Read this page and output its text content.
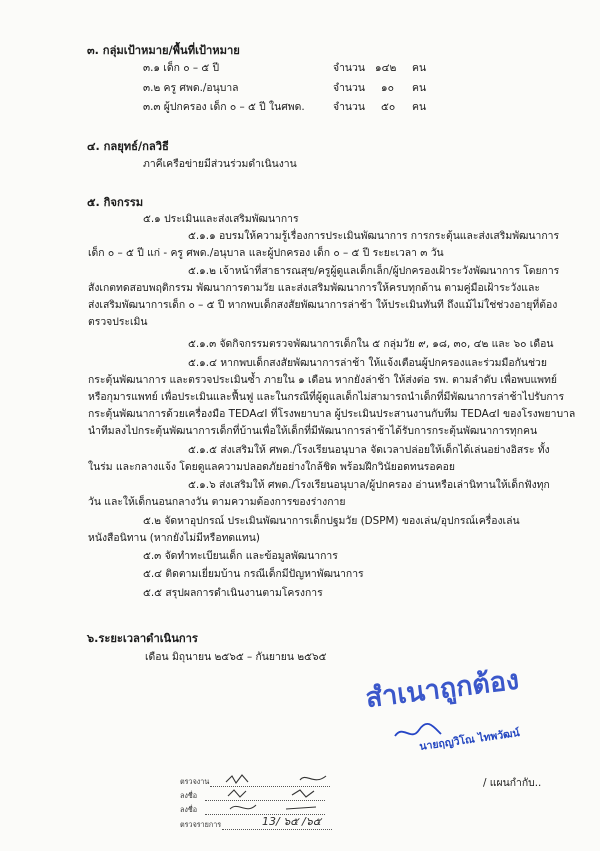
๓. กลุ่มเป้าหมาย/พื้นที่เป้าหมาย
๓.๑ เด็ก ๐ – ๕ ปี	จำนวน ๑๔๒ คน
๓.๒ ครู ศพด./อนุบาล	จำนวน ๑๐ คน
๓.๓ ผู้ปกครอง เด็ก ๐ – ๕ ปี ในศพด.	จำนวน ๕๐ คน
๔. กลยุทธ์/กลวิธี
ภาคีเครือข่ายมีส่วนร่วมดำเนินงาน
๕. กิจกรรม
๕.๑ ประเมินและส่งเสริมพัฒนาการ
๕.๑.๑ อบรมให้ความรู้เรื่องการประเมินพัฒนาการ การกระตุ้นและส่งเสริมพัฒนาการ
เด็ก ๐ – ๕ ปี แก่ - ครู ศพด./อนุบาล และผู้ปกครอง เด็ก ๐ – ๕ ปี ระยะเวลา ๓ วัน
๕.๑.๒ เจ้าหน้าที่สาธารณสุข/ครูผู้ดูแลเด็กเล็ก/ผู้ปกครองเฝ้าระวังพัฒนาการ โดยการ
สังเกตทดสอบพฤติกรรม พัฒนาการตามวัย และส่งเสริมพัฒนาการให้ครบทุกด้าน ตามคู่มือเฝ้าระวังและ
ส่งเสริมพัฒนาการเด็ก ๐ – ๕ ปี หากพบเด็กสงสัยพัฒนาการล่าช้า ให้ประเมินทันที ถึงแม้ไม่ใช่ช่วงอายุที่ต้อง
ตรวจประเมิน
๕.๑.๓ จัดกิจกรรมตรวจพัฒนาการเด็กใน ๕ กลุ่มวัย ๙, ๑๘, ๓๐, ๔๒ และ ๖๐ เดือน
๕.๑.๔ หากพบเด็กสงสัยพัฒนาการล่าช้า ให้แจ้งเตือนผู้ปกครองและร่วมมือกันช่วย
กระตุ้นพัฒนาการ และตรวจประเมินซ้ำ ภายใน ๑ เดือน หากยังล่าช้า ให้ส่งต่อ รพ. ตามลำดับ เพื่อพบแพทย์
หรือกุมารแพทย์ เพื่อประเมินและฟื้นฟู และในกรณีที่ผู้ดูแลเด็กไม่สามารถนำเด็กที่มีพัฒนาการล่าช้าไปรับการ
กระตุ้นพัฒนาการด้วยเครื่องมือ TEDA๔I ที่โรงพยาบาล ผู้ประเมินประสานงานกับทีม TEDA๔I ของโรงพยาบาล
นำทีมลงไปกระตุ้นพัฒนาการเด็กที่บ้านเพื่อให้เด็กที่มีพัฒนาการล่าช้าได้รับการกระตุ้นพัฒนาการทุกคน
๕.๑.๕ ส่งเสริมให้ ศพด./โรงเรียนอนุบาล จัดเวลาปล่อยให้เด็กได้เล่นอย่างอิสระ ทั้ง
ในร่ม และกลางแจ้ง โดยดูแลความปลอดภัยอย่างใกล้ชิด พร้อมฝึกวินัยอดทนรอคอย
๕.๑.๖ ส่งเสริมให้ ศพด./โรงเรียนอนุบาล/ผู้ปกครอง อ่านหรือเล่านิทานให้เด็กฟังทุก
วัน และให้เด็กนอนกลางวัน ตามความต้องการของร่างกาย
๕.๒ จัดหาอุปกรณ์ ประเมินพัฒนาการเด็กปฐมวัย (DSPM) ของเล่น/อุปกรณ์เครื่องเล่น
หนังสือนิทาน (หากยังไม่มีหรือทดแทน)
๕.๓ จัดทำทะเบียนเด็ก และข้อมูลพัฒนาการ
๕.๔ ติดตามเยี่ยมบ้าน กรณีเด็กมีปัญหาพัฒนาการ
๕.๕ สรุปผลการดำเนินงานตามโครงการ
๖.ระยะเวลาดำเนินการ
เดือน มิถุนายน ๒๕๖๕ – กันยายน ๒๕๖๕
สำเนาถูกต้อง
นายฤญวิโณ ไทพวัฒน์
ตรวจงาน
ลงชื่อ
ลงชื่อ
ตรวจรายการ	13/ ๖๕ /๖๕
/ แผนกำกับ..
